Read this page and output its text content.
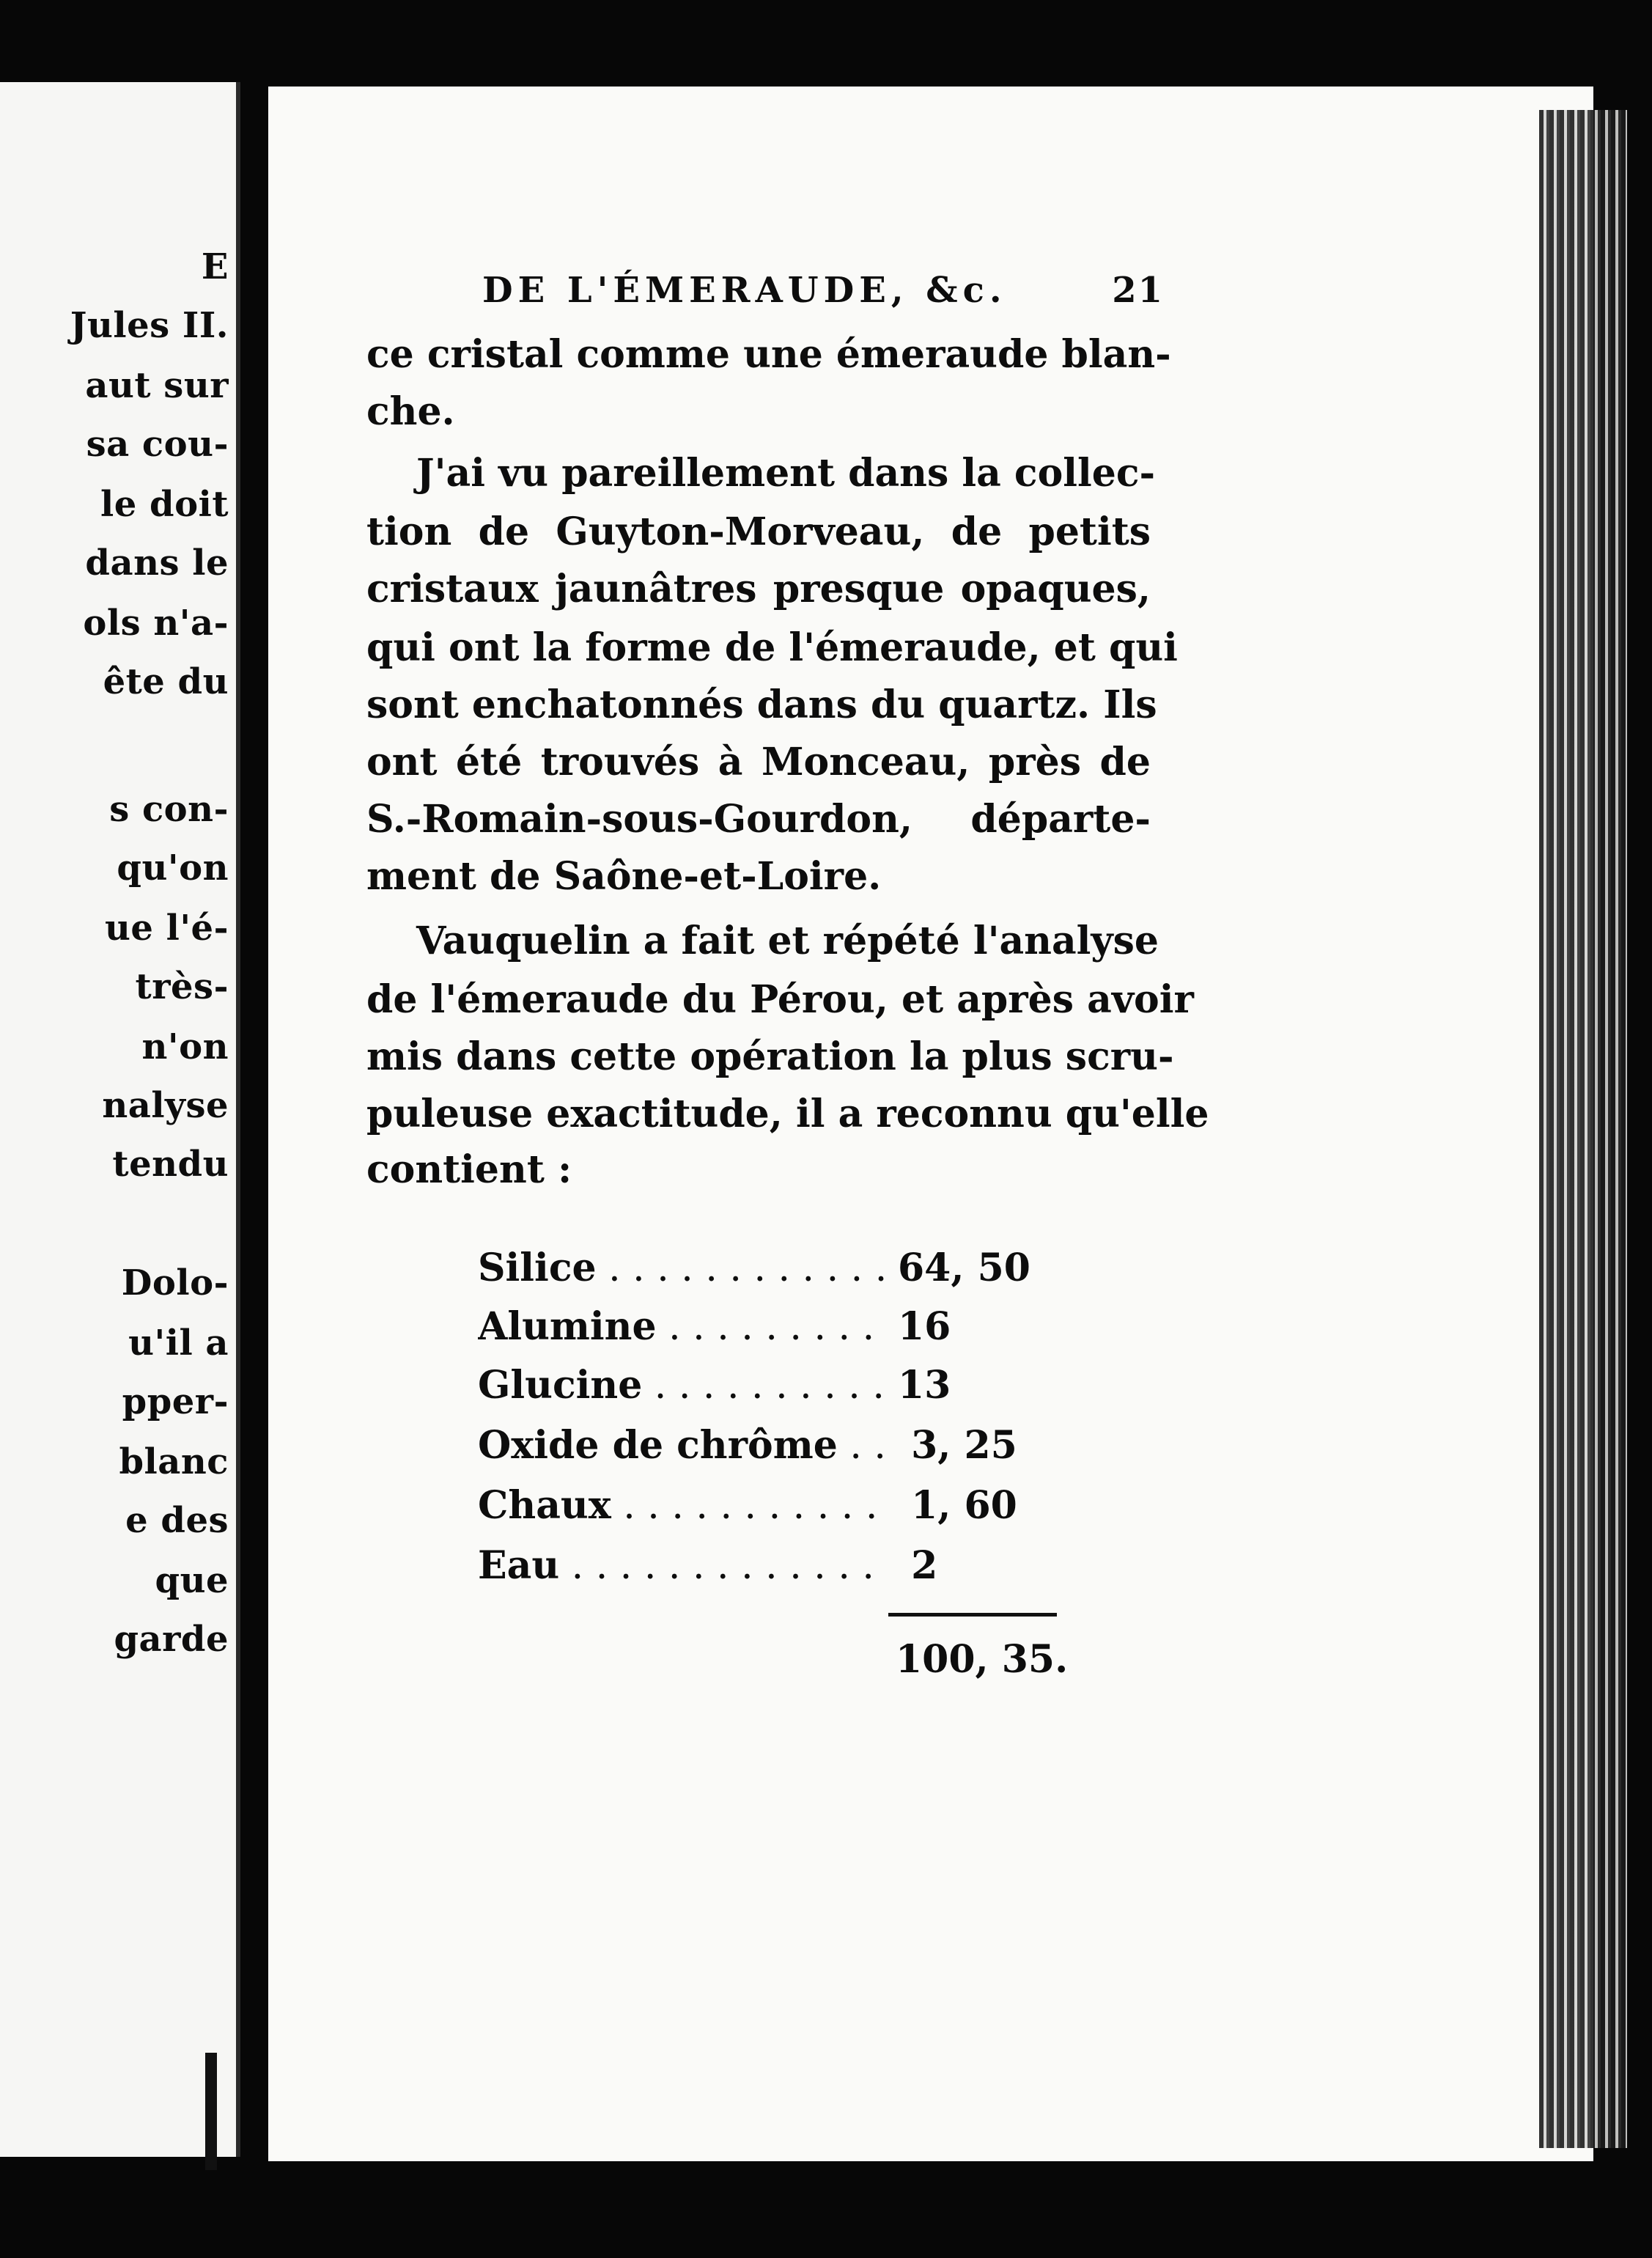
E
Jules II.
aut sur
sa cou-
le doit
dans le
ols n'a-
ête du
s con-
qu'on
ue l'é-
très-
n'on
nalyse
tendu
Dolo-
u'il a
pper-
blanc
e des
que
garde
DE L'ÉMERAUDE, &c.	21
ce cristal comme une émeraude blan-
che.
J'ai vu pareillement dans la collec-
tion de Guyton-Morveau, de petits
cristaux jaunâtres presque opaques,
qui ont la forme de l'émeraude, et qui
sont enchatonnés dans du quartz. Ils
ont été trouvés à Monceau, près de
S.-Romain-sous-Gourdon, départe-
ment de Saône-et-Loire.
Vauquelin a fait et répété l'analyse
de l'émeraude du Pérou, et après avoir
mis dans cette opération la plus scru-
puleuse exactitude, il a reconnu qu'elle
contient :
Silice . . .	64, 50
Alumine . . .	16
Glucine . . .	13
Oxide de chrôme . . .	3, 25
Chaux . . .	1, 60
Eau . . .	2
100, 35.
